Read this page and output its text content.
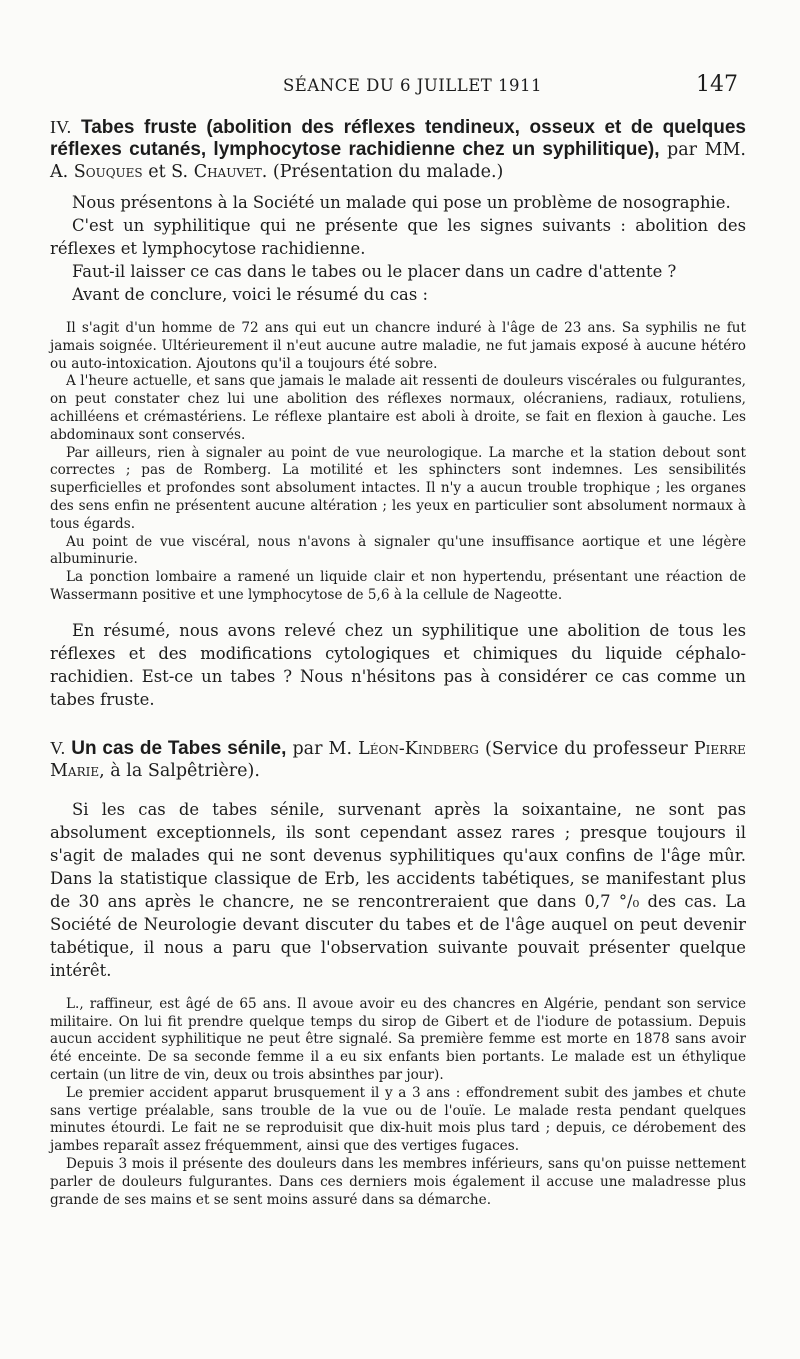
SÉANCE DU 6 JUILLET 1911	147
IV. Tabes fruste (abolition des réflexes tendineux, osseux et de quelques réflexes cutanés, lymphocytose rachidienne chez un syphilitique), par MM. A. Souques et S. Chauvet. (Présentation du malade.)

Nous présentons à la Société un malade qui pose un problème de nosographie.

C'est un syphilitique qui ne présente que les signes suivants : abolition des réflexes et lymphocytose rachidienne.

Faut-il laisser ce cas dans le tabes ou le placer dans un cadre d'attente ?

Avant de conclure, voici le résumé du cas :

Il s'agit d'un homme de 72 ans qui eut un chancre induré à l'âge de 23 ans. Sa syphilis ne fut jamais soignée. Ultérieurement il n'eut aucune autre maladie, ne fut jamais exposé à aucune hétéro ou auto-intoxication. Ajoutons qu'il a toujours été sobre.

A l'heure actuelle, et sans que jamais le malade ait ressenti de douleurs viscérales ou fulgurantes, on peut constater chez lui une abolition des réflexes normaux, olécraniens, radiaux, rotuliens, achilléens et crémastériens. Le réflexe plantaire est aboli à droite, se fait en flexion à gauche. Les abdominaux sont conservés.

Par ailleurs, rien à signaler au point de vue neurologique. La marche et la station debout sont correctes ; pas de Romberg. La motilité et les sphincters sont indemnes. Les sensibilités superficielles et profondes sont absolument intactes. Il n'y a aucun trouble trophique ; les organes des sens enfin ne présentent aucune altération ; les yeux en particulier sont absolument normaux à tous égards.

Au point de vue viscéral, nous n'avons à signaler qu'une insuffisance aortique et une légère albuminurie.

La ponction lombaire a ramené un liquide clair et non hypertendu, présentant une réaction de Wassermann positive et une lymphocytose de 5,6 à la cellule de Nageotte.

En résumé, nous avons relevé chez un syphilitique une abolition de tous les réflexes et des modifications cytologiques et chimiques du liquide céphalo-rachidien. Est-ce un tabes ? Nous n'hésitons pas à considérer ce cas comme un tabes fruste.

V. Un cas de Tabes sénile, par M. Léon-Kindberg (Service du professeur Pierre Marie, à la Salpêtrière).

Si les cas de tabes sénile, survenant après la soixantaine, ne sont pas absolument exceptionnels, ils sont cependant assez rares ; presque toujours il s'agit de malades qui ne sont devenus syphilitiques qu'aux confins de l'âge mûr. Dans la statistique classique de Erb, les accidents tabétiques, se manifestant plus de 30 ans après le chancre, ne se rencontreraient que dans 0,7 °/₀ des cas. La Société de Neurologie devant discuter du tabes et de l'âge auquel on peut devenir tabétique, il nous a paru que l'observation suivante pouvait présenter quelque intérêt.

L., raffineur, est âgé de 65 ans. Il avoue avoir eu des chancres en Algérie, pendant son service militaire. On lui fit prendre quelque temps du sirop de Gibert et de l'iodure de potassium. Depuis aucun accident syphilitique ne peut être signalé. Sa première femme est morte en 1878 sans avoir été enceinte. De sa seconde femme il a eu six enfants bien portants. Le malade est un éthylique certain (un litre de vin, deux ou trois absinthes par jour).

Le premier accident apparut brusquement il y a 3 ans : effondrement subit des jambes et chute sans vertige préalable, sans trouble de la vue ou de l'ouïe. Le malade resta pendant quelques minutes étourdi. Le fait ne se reproduisit que dix-huit mois plus tard ; depuis, ce dérobement des jambes reparaît assez fréquemment, ainsi que des vertiges fugaces.

Depuis 3 mois il présente des douleurs dans les membres inférieurs, sans qu'on puisse nettement parler de douleurs fulgurantes. Dans ces derniers mois également il accuse une maladresse plus grande de ses mains et se sent moins assuré dans sa démarche.
